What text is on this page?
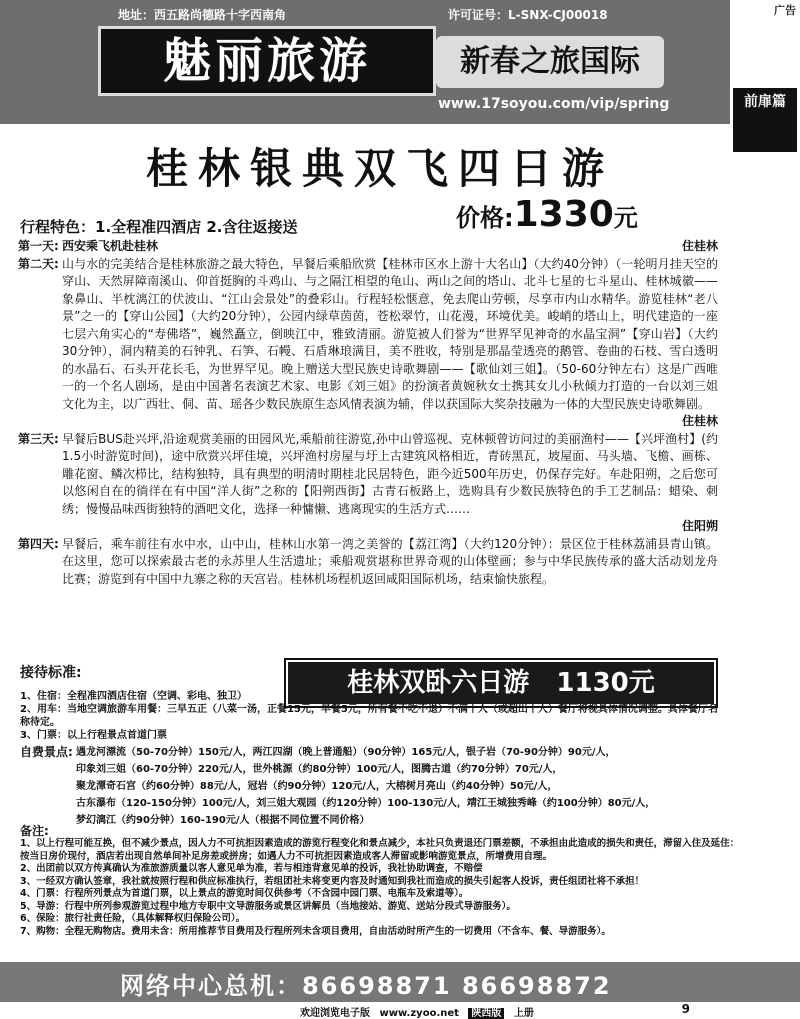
广告
地址：西五路尚德路十字西南角	许可证号：L-SNX-CJ00018
魅丽旅游	新春之旅国际
www.17soyou.com/vip/spring	前扉篇
桂林银典双飞四日游
行程特色：1.全程准四酒店 2.含往返接送	价格:1330元
第一天:	住桂林
西安乘飞机赴桂林
第二天: 山与水的完美结合是桂林旅游之最大特色，早餐后乘船欣赏【桂林市区水上游十大名山】（大约40分钟）（一轮明月挂天空的穿山、天然屏障南溪山、仰首挺胸的斗鸡山、与之隔江相望的龟山、两山之间的塔山、北斗七星的七斗星山、桂林城徽——象鼻山、半枕漓江的伏波山、“江山会景处”的叠彩山。行程轻松惬意，免去爬山劳顿，尽享市内山水精华。游览桂林“老八景”之一的【穿山公园】（大约20分钟），公园内绿草茵茵，苍松翠竹，山花漫，环境优美。峻峭的塔山上，明代建造的一座七层六角实心的“寿佛塔”，巍然矗立，倒映江中，雅致清丽。游览被人们誉为“世界罕见神奇的水晶宝洞”【穿山岩】（大约30分钟），洞内精美的石钟乳、石笋、石幔、石盾琳琅满目，美不胜收，特别是那晶莹透亮的鹅管、卷曲的石枝、雪白透明的水晶石、石头开花长毛，为世界罕见。晚上赠送大型民族史诗歌舞剧——【歌仙刘三姐】。（50-60分钟左右）这是广西唯一的一个名人剧场，是由中国著名表演艺术家、电影《刘三姐》的扮演者黄婉秋女士携其女儿小秋倾力打造的一台以刘三姐文化为主，以广西壮、侗、苗、瑶各少数民族原生态风情表演为辅，伴以获国际大奖杂技融为一体的大型民族史诗歌舞剧。
住桂林
第三天: 早餐后BUS赴兴坪,沿途观赏美丽的田园风光,乘船前往游览,孙中山曾巡视、克林顿曾访问过的美丽渔村——【兴坪渔村】(约1.5小时游览时间)，途中欣赏兴坪佳境，兴坪渔村房屋与圩上古建筑风格相近，青砖黑瓦，坡屋面、马头墙、飞檐、画栋、雕花窗、鳞次栉比，结构独特，具有典型的明清时期桂北民居特色，距今近500年历史，仍保存完好。车赴阳朔，之后您可以悠闲自在的徜徉在有中国“洋人街”之称的【阳朔西街】古青石板路上，选购具有少数民族特色的手工艺制品：蜡染、刺绣；慢慢品味西街独特的酒吧文化，选择一种慵懒、逃离现实的生活方式……
住阳朔
第四天: 早餐后，乘车前往有水中水，山中山，桂林山水第一湾之美誉的【荔江湾】（大约120分钟）：景区位于桂林荔浦县青山镇。在这里，您可以探索最古老的永苏里人生活遗址；乘船观赏堪称世界奇观的山体壁画；参与中华民族传承的盛大活动划龙舟比赛；游览到有中国中九寨之称的天宫岩。桂林机场程机返回咸阳国际机场，结束愉快旅程。
接待标准:	桂林双卧六日游 1130元
1、住宿：全程准四酒店住宿（空调、彩电、独卫）
2、用车：当地空调旅游车用餐：三早五正（八菜一汤，正餐15元，早餐5元，所有餐不吃不退）不满十人（或超出十人）餐厅将视具体情况调整。具体餐厅名称待定。
3、门票：以上行程景点首道门票
自费景点: 遇龙河漂流（50-70分钟）150元/人，两江四湖（晚上普通船）（90分钟）165元/人，银子岩（70-90分钟）90元/人，
印象刘三姐（60-70分钟）220元/人，世外桃源（约80分钟）100元/人，图腾古道（约70分钟）70元/人，
聚龙潭奇石宫（约60分钟）88元/人，冠岩（约90分钟）120元/人，大榕树月亮山（约40分钟）50元/人，
古东瀑布（120-150分钟）100元/人，刘三姐大观园（约120分钟）100-130元/人，靖江王城独秀峰（约100分钟）80元/人，
梦幻漓江（约90分钟）160-190元/人（根据不同位置不同价格）
备注:
1、以上行程可能互换，但不减少景点，因人力不可抗拒因素造成的游览行程变化和景点减少，本社只负责退还门票差额，不承担由此造成的损失和责任，滞留入住及延住：按当日房价现付，酒店若出现自然单间补足房差或拼房；如遇人力不可抗拒因素造成客人滞留或影响游览景点，所增费用自理。
2、出团前以双方传真确认为准旅游质量以客人意见单为准，若与相违背意见单的投诉，我社协助调查，不赔偿
3、一经双方确认签章，我社就按照行程和供应标准执行，若组团社未将变更内容及时通知到我社而造成的损失引起客人投诉，责任组团社将不承担！
4、门票：行程所列景点为首道门票，以上景点的游览时间仅供参考（不含园中园门票、电瓶车及索道等）。
5、导游：行程中所列参观游览过程中地方专职中文导游服务或景区讲解员（当地接站、游览、送站分段式导游服务）。
6、保险：旅行社责任险，（具体解释权归保险公司）。
7、购物：全程无购物店。费用未含：所用推荐节目费用及行程所列未含项目费用，自由活动时所产生的一切费用（不含车、餐、导游服务）。
网络中心总机：86698871 86698872
欢迎浏览电子版 www.zyoo.net 陕西版 上册	9
